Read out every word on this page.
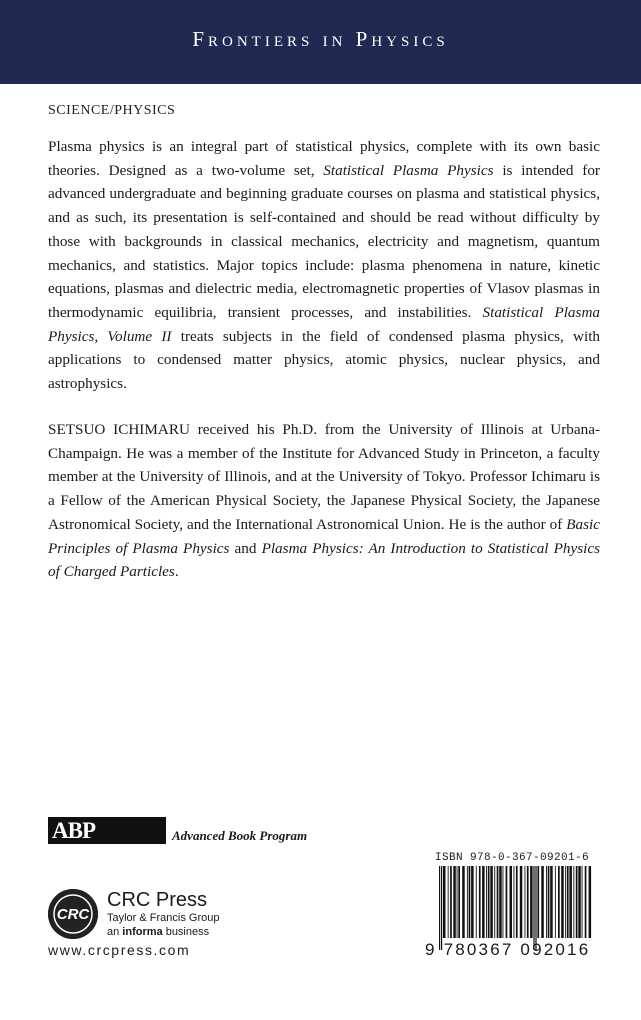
Frontiers in Physics
SCIENCE/PHYSICS

Plasma physics is an integral part of statistical physics, complete with its own basic theories. Designed as a two-volume set, Statistical Plasma Physics is intended for advanced undergraduate and beginning graduate courses on plasma and statistical physics, and as such, its presentation is self-contained and should be read without difficulty by those with backgrounds in classical mechanics, electricity and magnetism, quantum mechanics, and statistics. Major topics include: plasma phenomena in nature, kinetic equations, plasmas and dielectric media, electromagnetic properties of Vlasov plasmas in thermodynamic equilibria, transient processes, and instabilities. Statistical Plasma Physics, Volume II treats subjects in the field of condensed plasma physics, with applications to condensed matter physics, atomic physics, nuclear physics, and astrophysics.

SETSUO ICHIMARU received his Ph.D. from the University of Illinois at Urbana-Champaign. He was a member of the Institute for Advanced Study in Princeton, a faculty member at the University of Illinois, and at the University of Tokyo. Professor Ichimaru is a Fellow of the American Physical Society, the Japanese Physical Society, the Japanese Astronomical Society, and the International Astronomical Union. He is the author of Basic Principles of Plasma Physics and Plasma Physics: An Introduction to Statistical Physics of Charged Particles.

ABP	Advanced Book Program
CRC
CRC Press
Taylor & Francis Group
an informa business
www.crcpress.com
ISBN 978-0-367-09201-6
9 780367 092016
